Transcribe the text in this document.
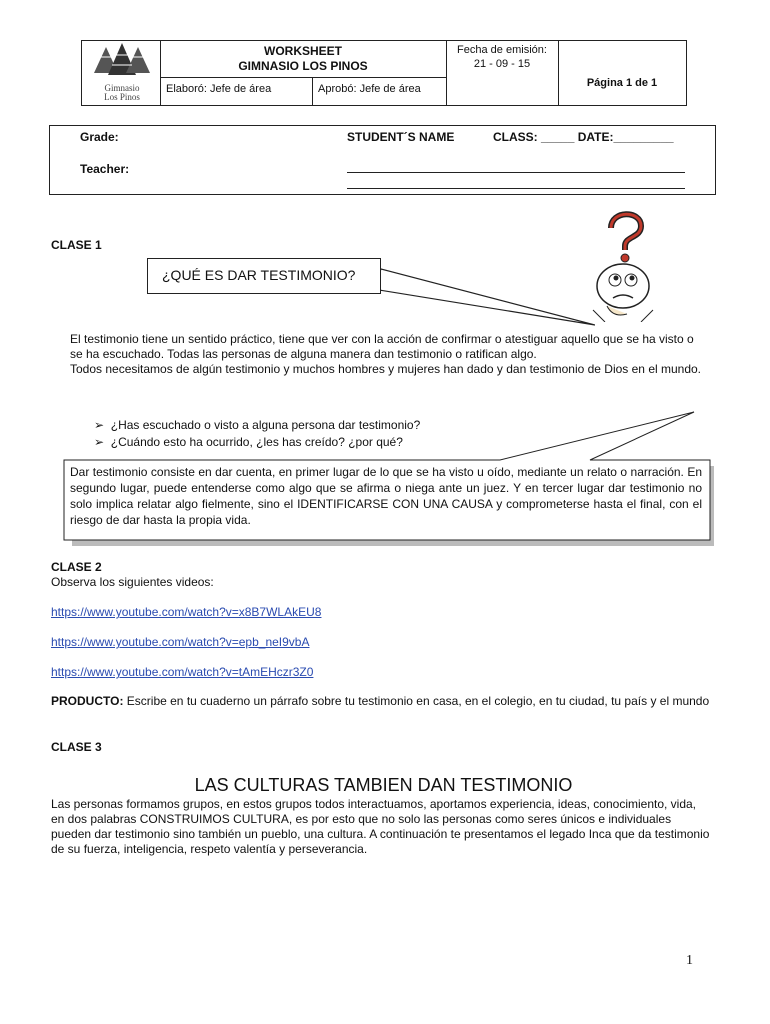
Gimnasio
Los Pinos
WORKSHEET
GIMNASIO LOS PINOS
Elaboró: Jefe de área	Aprobó: Jefe de área
Fecha de emisión:
21 - 09 - 15
Página 1 de 1
Grade:
Teacher:
STUDENT´S NAME	CLASS: _____ DATE:_________
CLASE 1
¿QUÉ ES DAR TESTIMONIO?
El testimonio tiene un sentido práctico, tiene que ver con la acción de confirmar o atestiguar aquello que se ha visto o se ha escuchado. Todas las personas de alguna manera dan testimonio o ratifican algo.
Todos necesitamos de algún testimonio y muchos hombres y mujeres han dado y dan testimonio de Dios en el mundo.
➢ ¿Has escuchado o visto a alguna persona dar testimonio?
➢ ¿Cuándo esto ha ocurrido, ¿les has creído? ¿por qué?
Dar testimonio consiste en dar cuenta, en primer lugar de lo que se ha visto u oído, mediante un relato o narración. En segundo lugar, puede entenderse como algo que se afirma o niega ante un juez. Y en tercer lugar dar testimonio no solo implica relatar algo fielmente, sino el IDENTIFICARSE CON UNA CAUSA y comprometerse hasta el final, con el riesgo de dar hasta la propia vida.
CLASE 2
Observa los siguientes videos:
https://www.youtube.com/watch?v=x8B7WLAkEU8
https://www.youtube.com/watch?v=epb_neI9vbA
https://www.youtube.com/watch?v=tAmEHczr3Z0
PRODUCTO: Escribe en tu cuaderno un párrafo sobre tu testimonio en casa, en el colegio, en tu ciudad, tu país y el mundo
CLASE 3
LAS CULTURAS TAMBIEN DAN TESTIMONIO
Las personas formamos grupos, en estos grupos todos interactuamos, aportamos experiencia, ideas, conocimiento, vida, en dos palabras CONSTRUIMOS CULTURA, es por esto que no solo las personas como seres únicos e individuales pueden dar testimonio sino también un pueblo, una cultura. A continuación te presentamos el legado Inca que da testimonio de su fuerza, inteligencia, respeto valentía y perseverancia.
1
